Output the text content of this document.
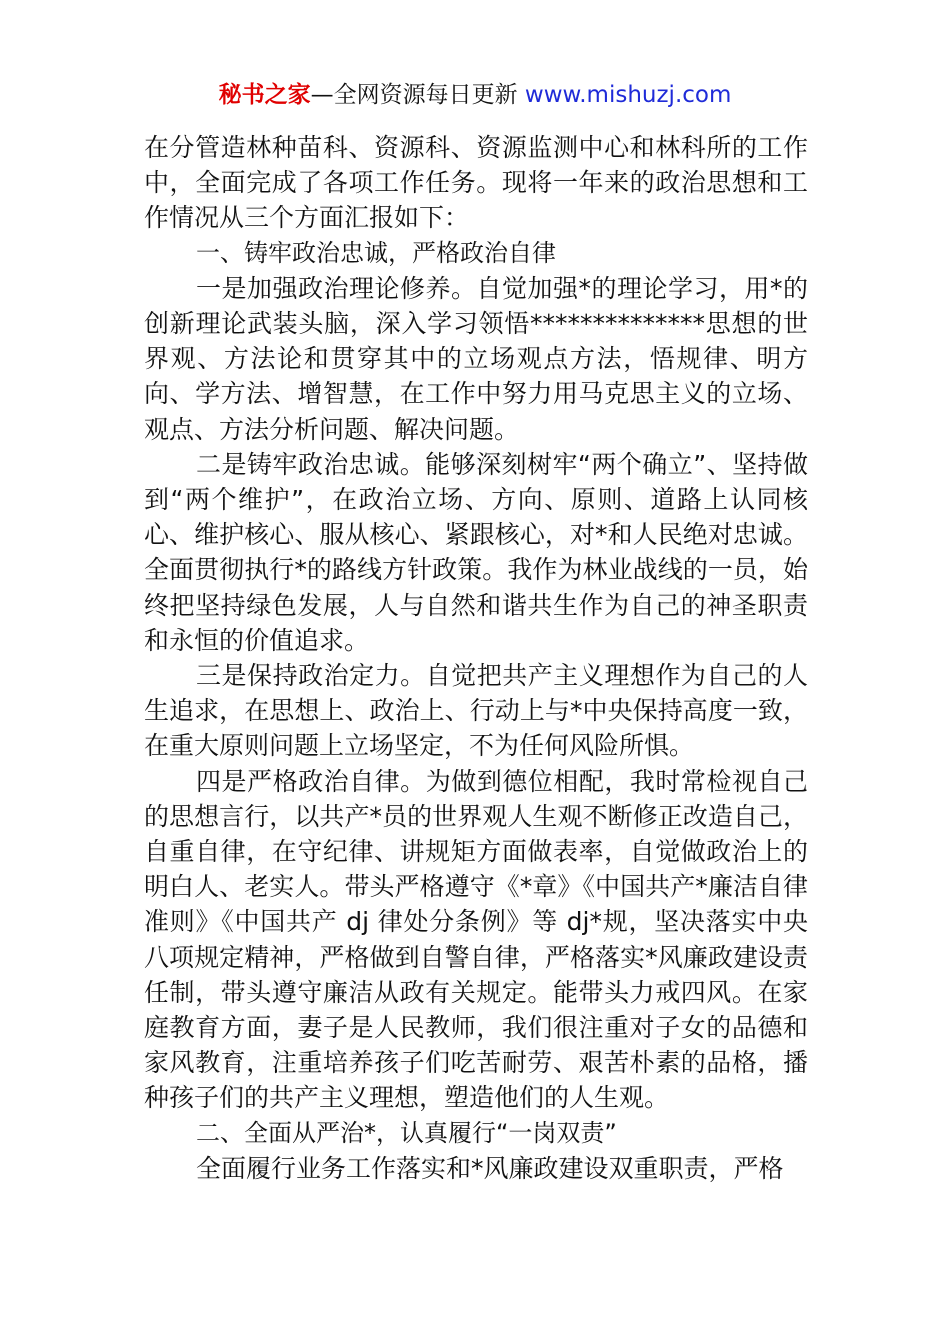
秘书之家—全网资源每日更新 www.mishuzj.com

在分管造林种苗科、资源科、资源监测中心和林科所的工作中，全面完成了各项工作任务。现将一年来的政治思想和工作情况从三个方面汇报如下：

一、铸牢政治忠诚，严格政治自律

一是加强政治理论修养。自觉加强*的理论学习，用*的创新理论武装头脑，深入学习领悟**************思想的世界观、方法论和贯穿其中的立场观点方法，悟规律、明方向、学方法、增智慧，在工作中努力用马克思主义的立场、观点、方法分析问题、解决问题。

二是铸牢政治忠诚。能够深刻树牢“两个确立”、坚持做到“两个维护”，在政治立场、方向、原则、道路上认同核心、维护核心、服从核心、紧跟核心，对*和人民绝对忠诚。全面贯彻执行*的路线方针政策。我作为林业战线的一员，始终把坚持绿色发展，人与自然和谐共生作为自己的神圣职责和永恒的价值追求。

三是保持政治定力。自觉把共产主义理想作为自己的人生追求，在思想上、政治上、行动上与*中央保持高度一致，在重大原则问题上立场坚定，不为任何风险所惧。

四是严格政治自律。为做到德位相配，我时常检视自己的思想言行，以共产*员的世界观人生观不断修正改造自己，自重自律，在守纪律、讲规矩方面做表率，自觉做政治上的明白人、老实人。带头严格遵守《*章》《中国共产*廉洁自律准则》《中国共产 dj 律处分条例》等 dj*规，坚决落实中央八项规定精神，严格做到自警自律，严格落实*风廉政建设责任制，带头遵守廉洁从政有关规定。能带头力戒四风。在家庭教育方面，妻子是人民教师，我们很注重对子女的品德和家风教育，注重培养孩子们吃苦耐劳、艰苦朴素的品格，播种孩子们的共产主义理想，塑造他们的人生观。

二、全面从严治*，认真履行“一岗双责”

全面履行业务工作落实和*风廉政建设双重职责，严格
